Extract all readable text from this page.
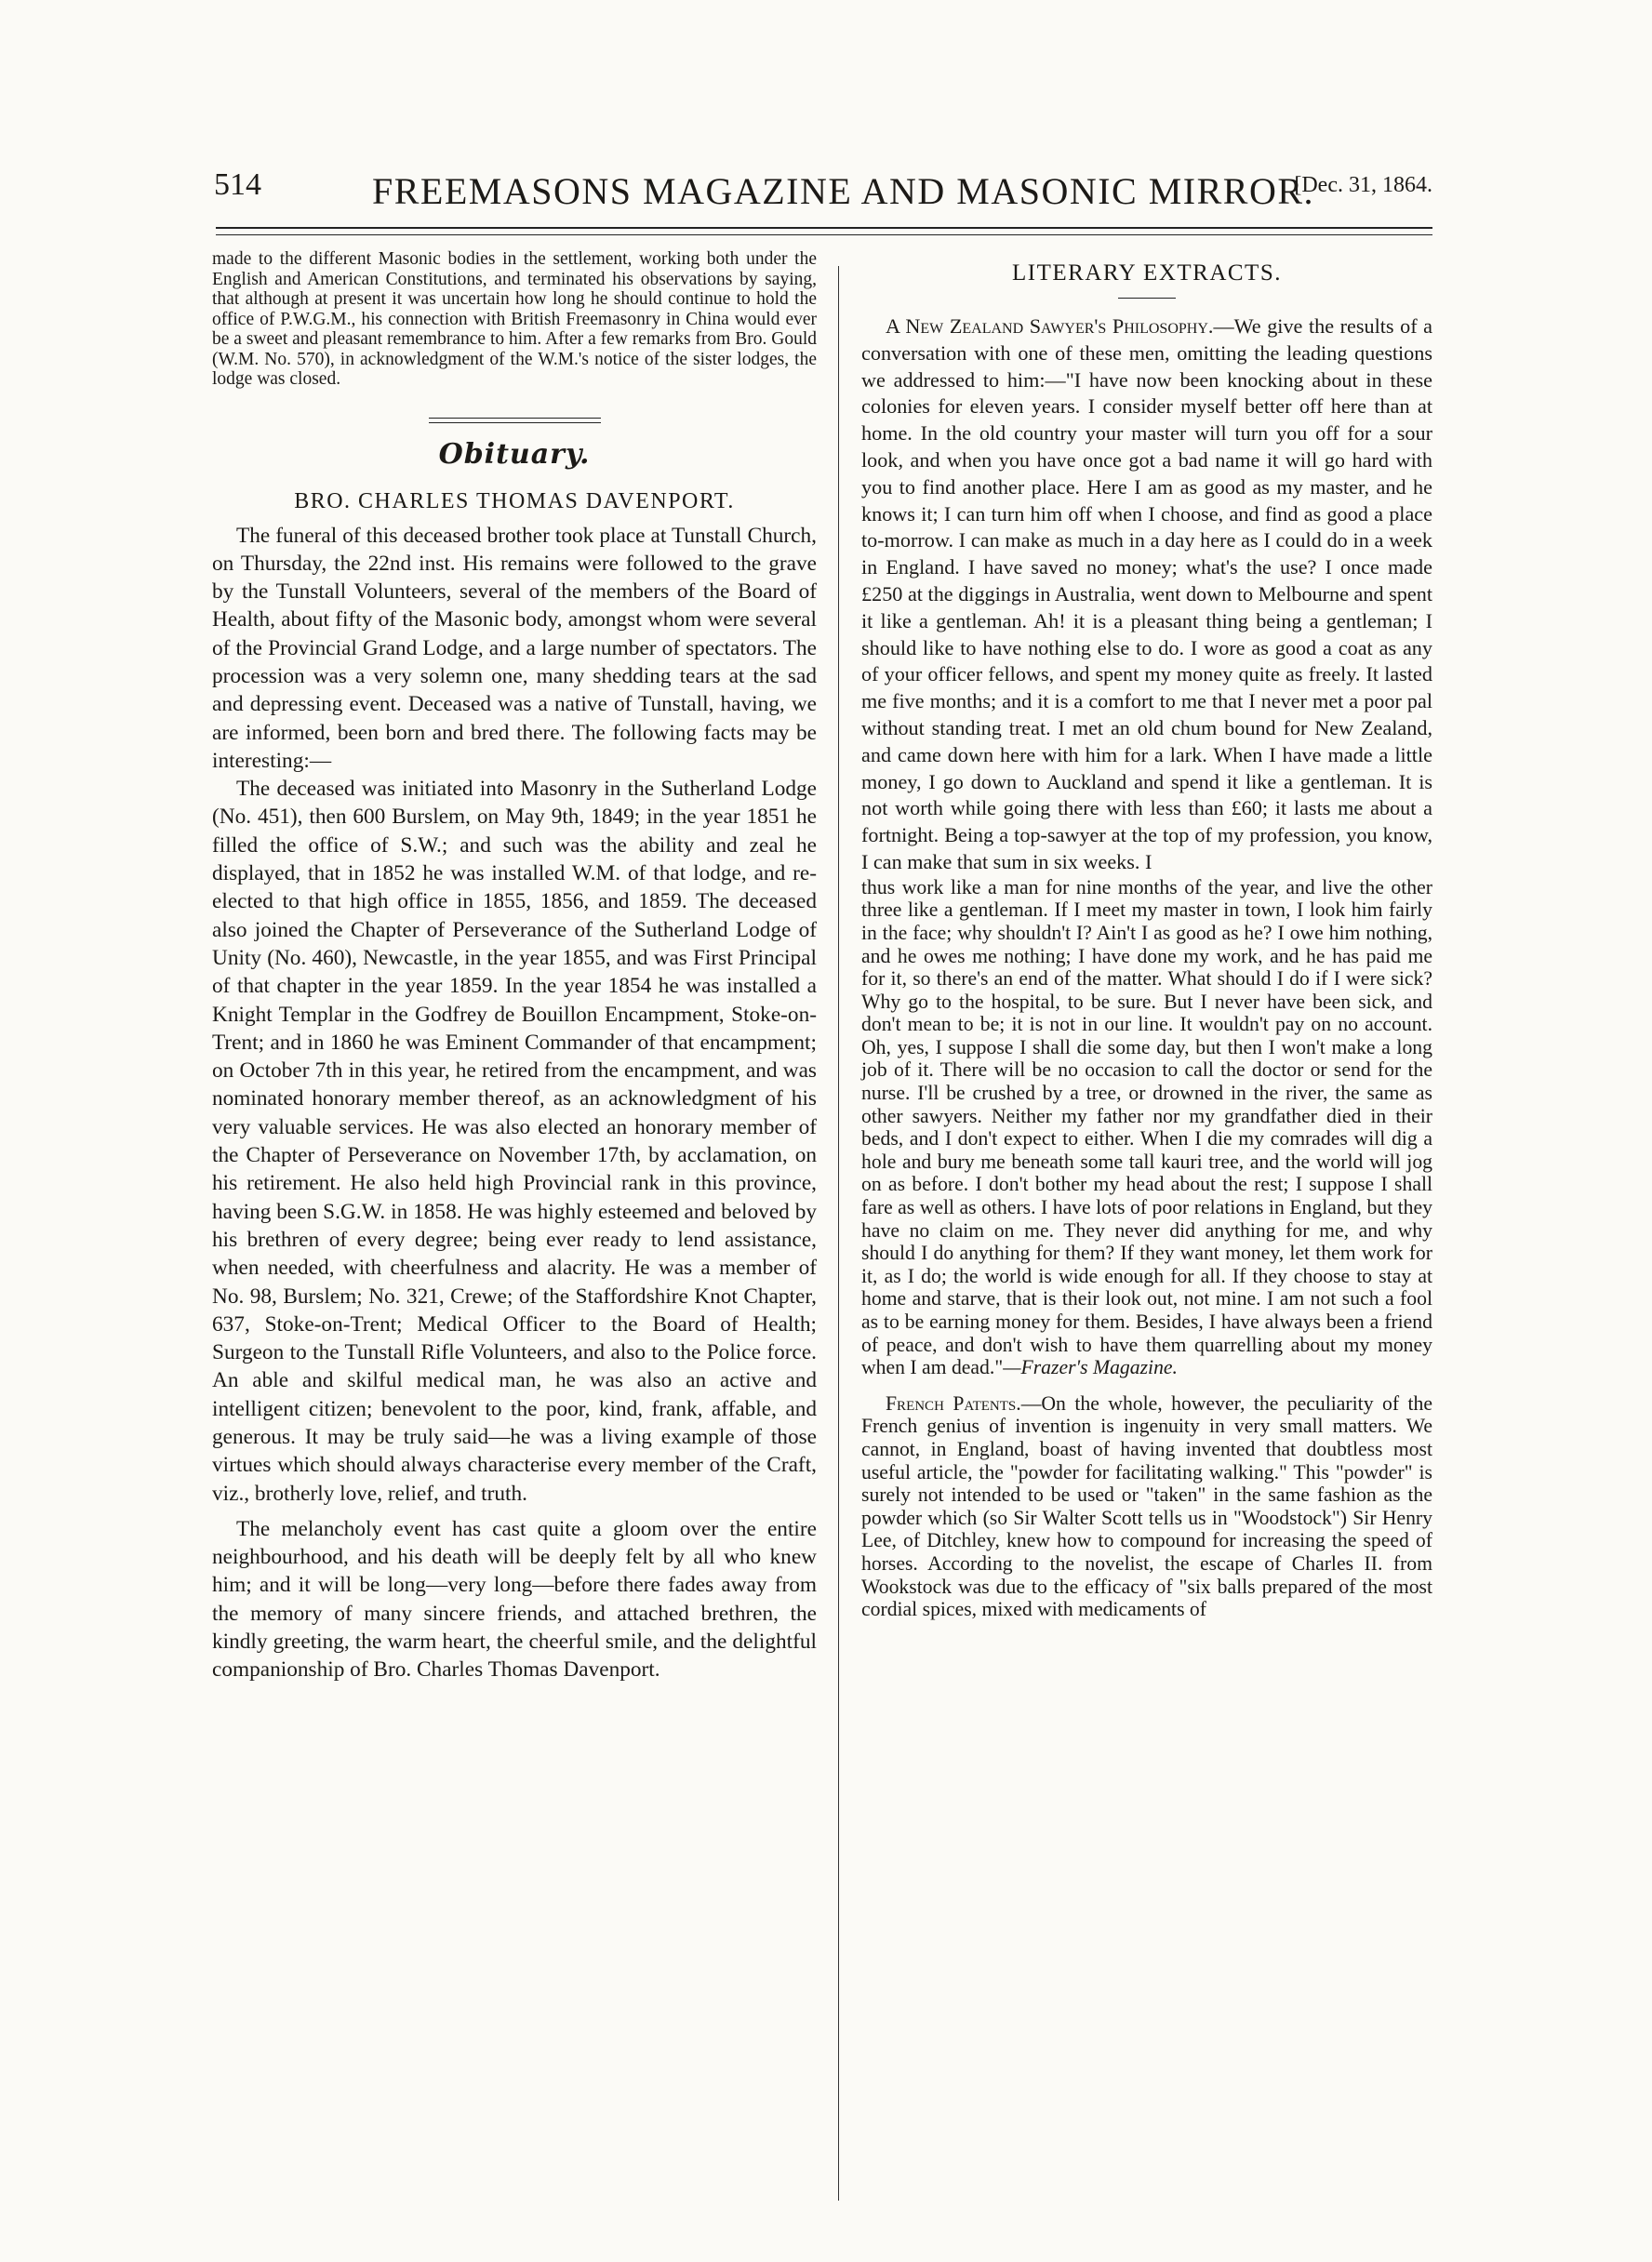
514	FREEMASONS MAGAZINE AND MASONIC MIRROR.
[Dec. 31, 1864.

made to the different Masonic bodies in the settlement, working both under the English and American Constitutions, and terminated his observations by saying, that although at present it was uncertain how long he should continue to hold the office of P.W.G.M., his connection with British Freemasonry in China would ever be a sweet and pleasant remembrance to him. After a few remarks from Bro. Gould (W.M. No. 570), in acknowledgment of the W.M.'s notice of the sister lodges, the lodge was closed.

Obituary.
BRO. CHARLES THOMAS DAVENPORT.

The funeral of this deceased brother took place at Tunstall Church, on Thursday, the 22nd inst. His remains were followed to the grave by the Tunstall Volunteers, several of the members of the Board of Health, about fifty of the Masonic body, amongst whom were several of the Provincial Grand Lodge, and a large number of spectators. The procession was a very solemn one, many shedding tears at the sad and depressing event. Deceased was a native of Tunstall, having, we are informed, been born and bred there. The following facts may be interesting:—

The deceased was initiated into Masonry in the Sutherland Lodge (No. 451), then 600 Burslem, on May 9th, 1849; in the year 1851 he filled the office of S.W.; and such was the ability and zeal he displayed, that in 1852 he was installed W.M. of that lodge, and re-elected to that high office in 1855, 1856, and 1859. The deceased also joined the Chapter of Perseverance of the Sutherland Lodge of Unity (No. 460), Newcastle, in the year 1855, and was First Principal of that chapter in the year 1859. In the year 1854 he was installed a Knight Templar in the Godfrey de Bouillon Encampment, Stoke-on-Trent; and in 1860 he was Eminent Commander of that encampment; on October 7th in this year, he retired from the encampment, and was nominated honorary member thereof, as an acknowledgment of his very valuable services. He was also elected an honorary member of the Chapter of Perseverance on November 17th, by acclamation, on his retirement. He also held high Provincial rank in this province, having been S.G.W. in 1858. He was highly esteemed and beloved by his brethren of every degree; being ever ready to lend assistance, when needed, with cheerfulness and alacrity. He was a member of No. 98, Burslem; No. 321, Crewe; of the Staffordshire Knot Chapter, 637, Stoke-on-Trent; Medical Officer to the Board of Health; Surgeon to the Tunstall Rifle Volunteers, and also to the Police force. An able and skilful medical man, he was also an active and intelligent citizen; benevolent to the poor, kind, frank, affable, and generous. It may be truly said—he was a living example of those virtues which should always characterise every member of the Craft, viz., brotherly love, relief, and truth.

The melancholy event has cast quite a gloom over the entire neighbourhood, and his death will be deeply felt by all who knew him; and it will be long—very long—before there fades away from the memory of many sincere friends, and attached brethren, the kindly greeting, the warm heart, the cheerful smile, and the delightful companionship of Bro. Charles Thomas Davenport.

LITERARY EXTRACTS.

A New Zealand Sawyer's Philosophy.—We give the results of a conversation with one of these men, omitting the leading questions we addressed to him:—"I have now been knocking about in these colonies for eleven years. I consider myself better off here than at home. In the old country your master will turn you off for a sour look, and when you have once got a bad name it will go hard with you to find another place. Here I am as good as my master, and he knows it; I can turn him off when I choose, and find as good a place to-morrow. I can make as much in a day here as I could do in a week in England. I have saved no money; what's the use? I once made £250 at the diggings in Australia, went down to Melbourne and spent it like a gentleman. Ah! it is a pleasant thing being a gentleman; I should like to have nothing else to do. I wore as good a coat as any of your officer fellows, and spent my money quite as freely. It lasted me five months; and it is a comfort to me that I never met a poor pal without standing treat. I met an old chum bound for New Zealand, and came down here with him for a lark. When I have made a little money, I go down to Auckland and spend it like a gentleman. It is not worth while going there with less than £60; it lasts me about a fortnight. Being a top-sawyer at the top of my profession, you know, I can make that sum in six weeks. I

thus work like a man for nine months of the year, and live the other three like a gentleman. If I meet my master in town, I look him fairly in the face; why shouldn't I? Ain't I as good as he? I owe him nothing, and he owes me nothing; I have done my work, and he has paid me for it, so there's an end of the matter. What should I do if I were sick? Why go to the hospital, to be sure. But I never have been sick, and don't mean to be; it is not in our line. It wouldn't pay on no account. Oh, yes, I suppose I shall die some day, but then I won't make a long job of it. There will be no occasion to call the doctor or send for the nurse. I'll be crushed by a tree, or drowned in the river, the same as other sawyers. Neither my father nor my grandfather died in their beds, and I don't expect to either. When I die my comrades will dig a hole and bury me beneath some tall kauri tree, and the world will jog on as before. I don't bother my head about the rest; I suppose I shall fare as well as others. I have lots of poor relations in England, but they have no claim on me. They never did anything for me, and why should I do anything for them? If they want money, let them work for it, as I do; the world is wide enough for all. If they choose to stay at home and starve, that is their look out, not mine. I am not such a fool as to be earning money for them. Besides, I have always been a friend of peace, and don't wish to have them quarrelling about my money when I am dead."—Frazer's Magazine.

French Patents.—On the whole, however, the peculiarity of the French genius of invention is ingenuity in very small matters. We cannot, in England, boast of having invented that doubtless most useful article, the "powder for facilitating walking." This "powder" is surely not intended to be used or "taken" in the same fashion as the powder which (so Sir Walter Scott tells us in "Woodstock") Sir Henry Lee, of Ditchley, knew how to compound for increasing the speed of horses. According to the novelist, the escape of Charles II. from Wookstock was due to the efficacy of "six balls prepared of the most cordial spices, mixed with medicaments of
